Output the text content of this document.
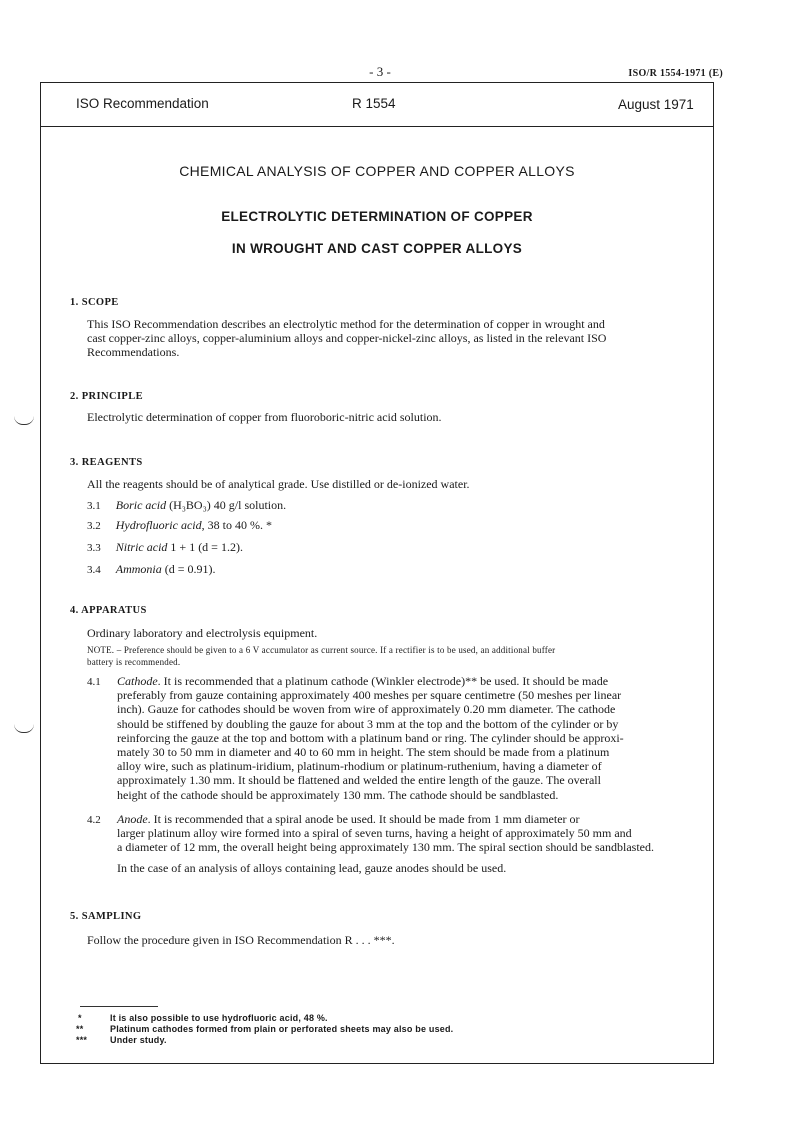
- 3 -	ISO/R 1554-1971 (E)
ISO Recommendation	R 1554	August 1971
CHEMICAL ANALYSIS OF COPPER AND COPPER ALLOYS
ELECTROLYTIC DETERMINATION OF COPPER
IN WROUGHT AND CAST COPPER ALLOYS
1. SCOPE
This ISO Recommendation describes an electrolytic method for the determination of copper in wrought and
cast copper-zinc alloys, copper-aluminium alloys and copper-nickel-zinc alloys, as listed in the relevant ISO
Recommendations.
2. PRINCIPLE
Electrolytic determination of copper from fluoroboric-nitric acid solution.
3. REAGENTS
All the reagents should be of analytical grade. Use distilled or de-ionized water.
3.1 Boric acid (H₃BO₃) 40 g/l solution.
3.2 Hydrofluoric acid, 38 to 40 %. *
3.3 Nitric acid 1 + 1 (d = 1.2).
3.4 Ammonia (d = 0.91).
4. APPARATUS
Ordinary laboratory and electrolysis equipment.
NOTE. – Preference should be given to a 6 V accumulator as current source. If a rectifier is to be used, an additional buffer
battery is recommended.
4.1 Cathode. It is recommended that a platinum cathode (Winkler electrode)** be used. It should be made
preferably from gauze containing approximately 400 meshes per square centimetre (50 meshes per linear
inch). Gauze for cathodes should be woven from wire of approximately 0.20 mm diameter. The cathode
should be stiffened by doubling the gauze for about 3 mm at the top and the bottom of the cylinder or by
reinforcing the gauze at the top and bottom with a platinum band or ring. The cylinder should be approxi-
mately 30 to 50 mm in diameter and 40 to 60 mm in height. The stem should be made from a platinum
alloy wire, such as platinum-iridium, platinum-rhodium or platinum-ruthenium, having a diameter of
approximately 1.30 mm. It should be flattened and welded the entire length of the gauze. The overall
height of the cathode should be approximately 130 mm. The cathode should be sandblasted.
4.2 Anode. It is recommended that a spiral anode be used. It should be made from 1 mm diameter or
larger platinum alloy wire formed into a spiral of seven turns, having a height of approximately 50 mm and
a diameter of 12 mm, the overall height being approximately 130 mm. The spiral section should be sandblasted.
In the case of an analysis of alloys containing lead, gauze anodes should be used.
5. SAMPLING
Follow the procedure given in ISO Recommendation R . . . ***.
*	It is also possible to use hydrofluoric acid, 48 %.
**	Platinum cathodes formed from plain or perforated sheets may also be used.
***	Under study.
